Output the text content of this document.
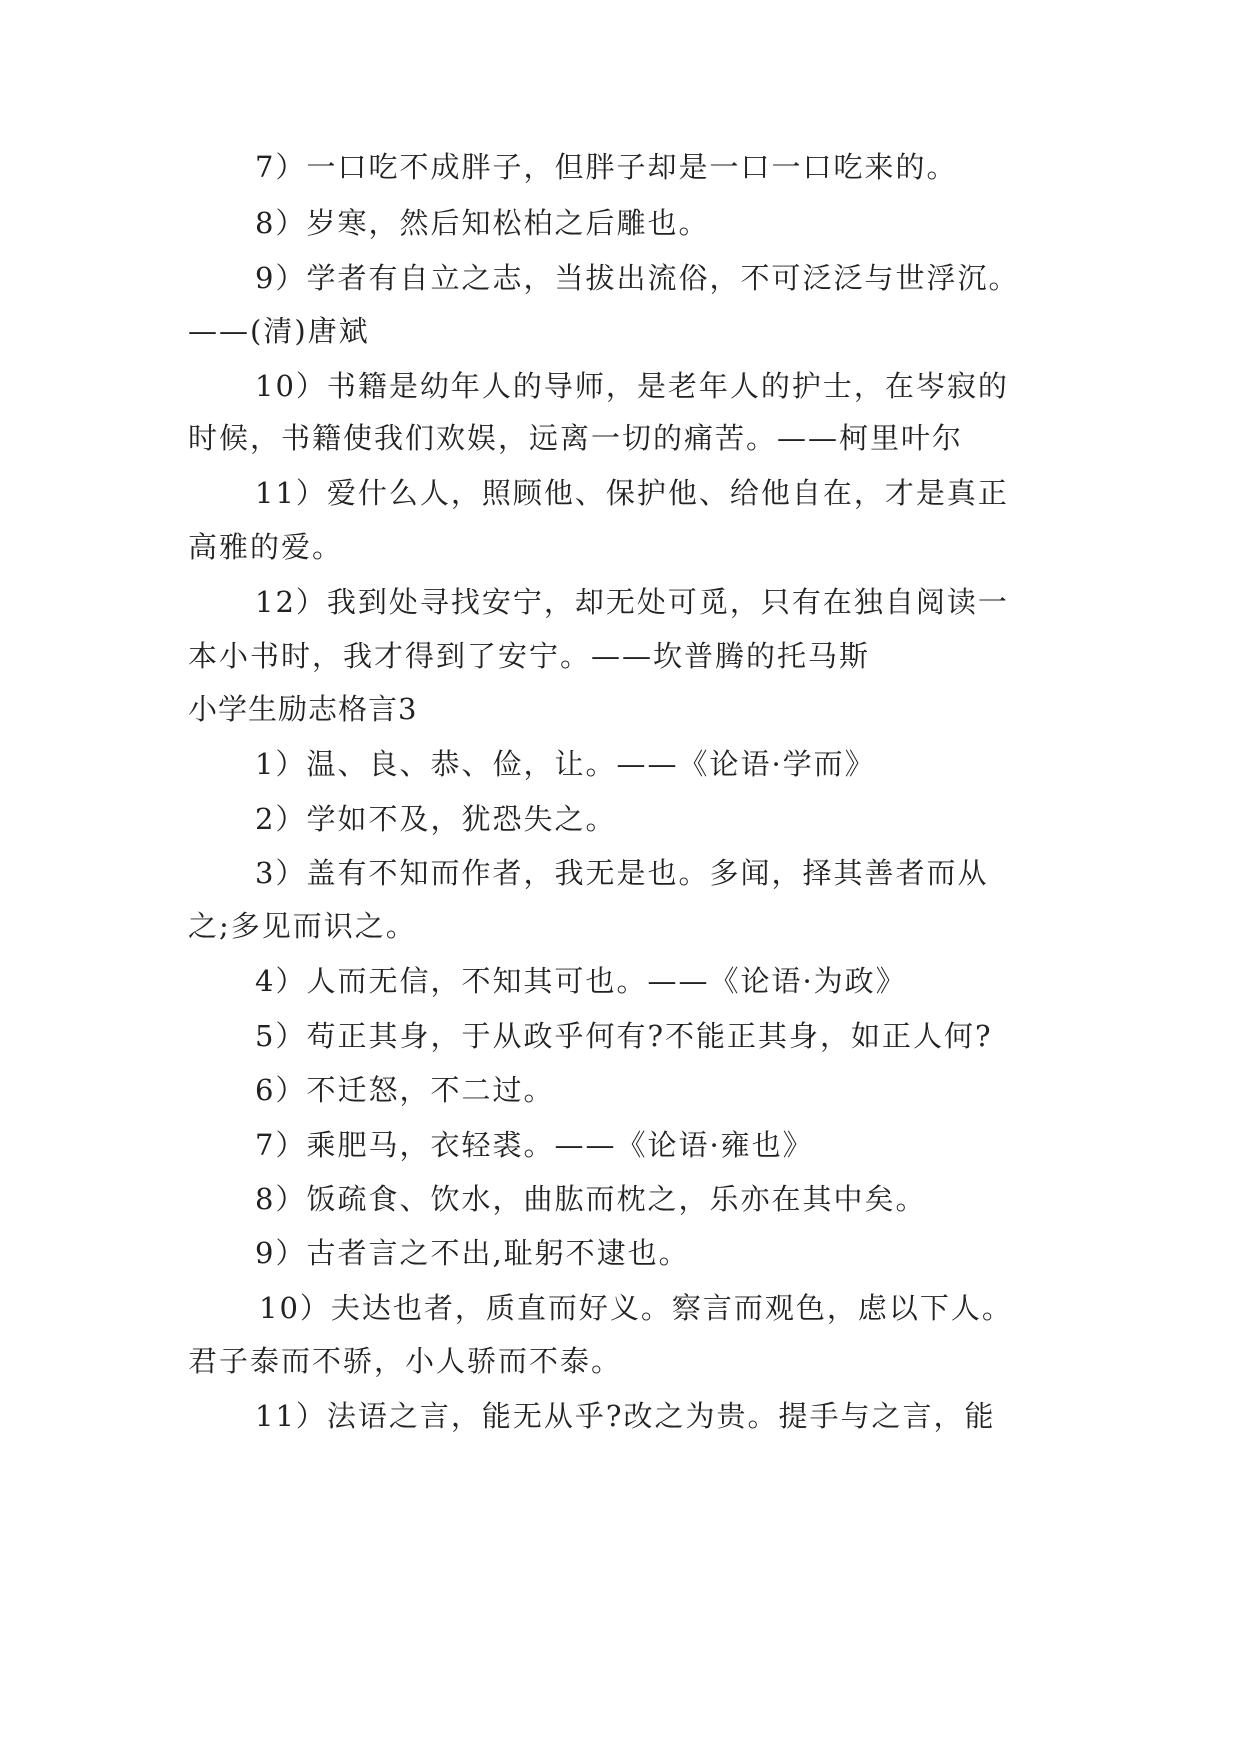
7）一口吃不成胖子，但胖子却是一口一口吃来的。
8）岁寒，然后知松柏之后雕也。
9）学者有自立之志，当拔出流俗，不可泛泛与世浮沉。
——(清)唐斌
10）书籍是幼年人的导师，是老年人的护士，在岑寂的
时候，书籍使我们欢娱，远离一切的痛苦。——柯里叶尔
11）爱什么人，照顾他、保护他、给他自在，才是真正
高雅的爱。
12）我到处寻找安宁，却无处可觅，只有在独自阅读一
本小书时，我才得到了安宁。——坎普腾的托马斯
小学生励志格言3
1）温、良、恭、俭，让。——《论语·学而》
2）学如不及，犹恐失之。
3）盖有不知而作者，我无是也。多闻，择其善者而从
之;多见而识之。
4）人而无信，不知其可也。——《论语·为政》
5）苟正其身，于从政乎何有?不能正其身，如正人何?
6）不迁怒，不二过。
7）乘肥马，衣轻裘。——《论语·雍也》
8）饭疏食、饮水，曲肱而枕之，乐亦在其中矣。
9）古者言之不出,耻躬不逮也。
10）夫达也者，质直而好义。察言而观色，虑以下人。
君子泰而不骄，小人骄而不泰。
11）法语之言，能无从乎?改之为贵。提手与之言，能
